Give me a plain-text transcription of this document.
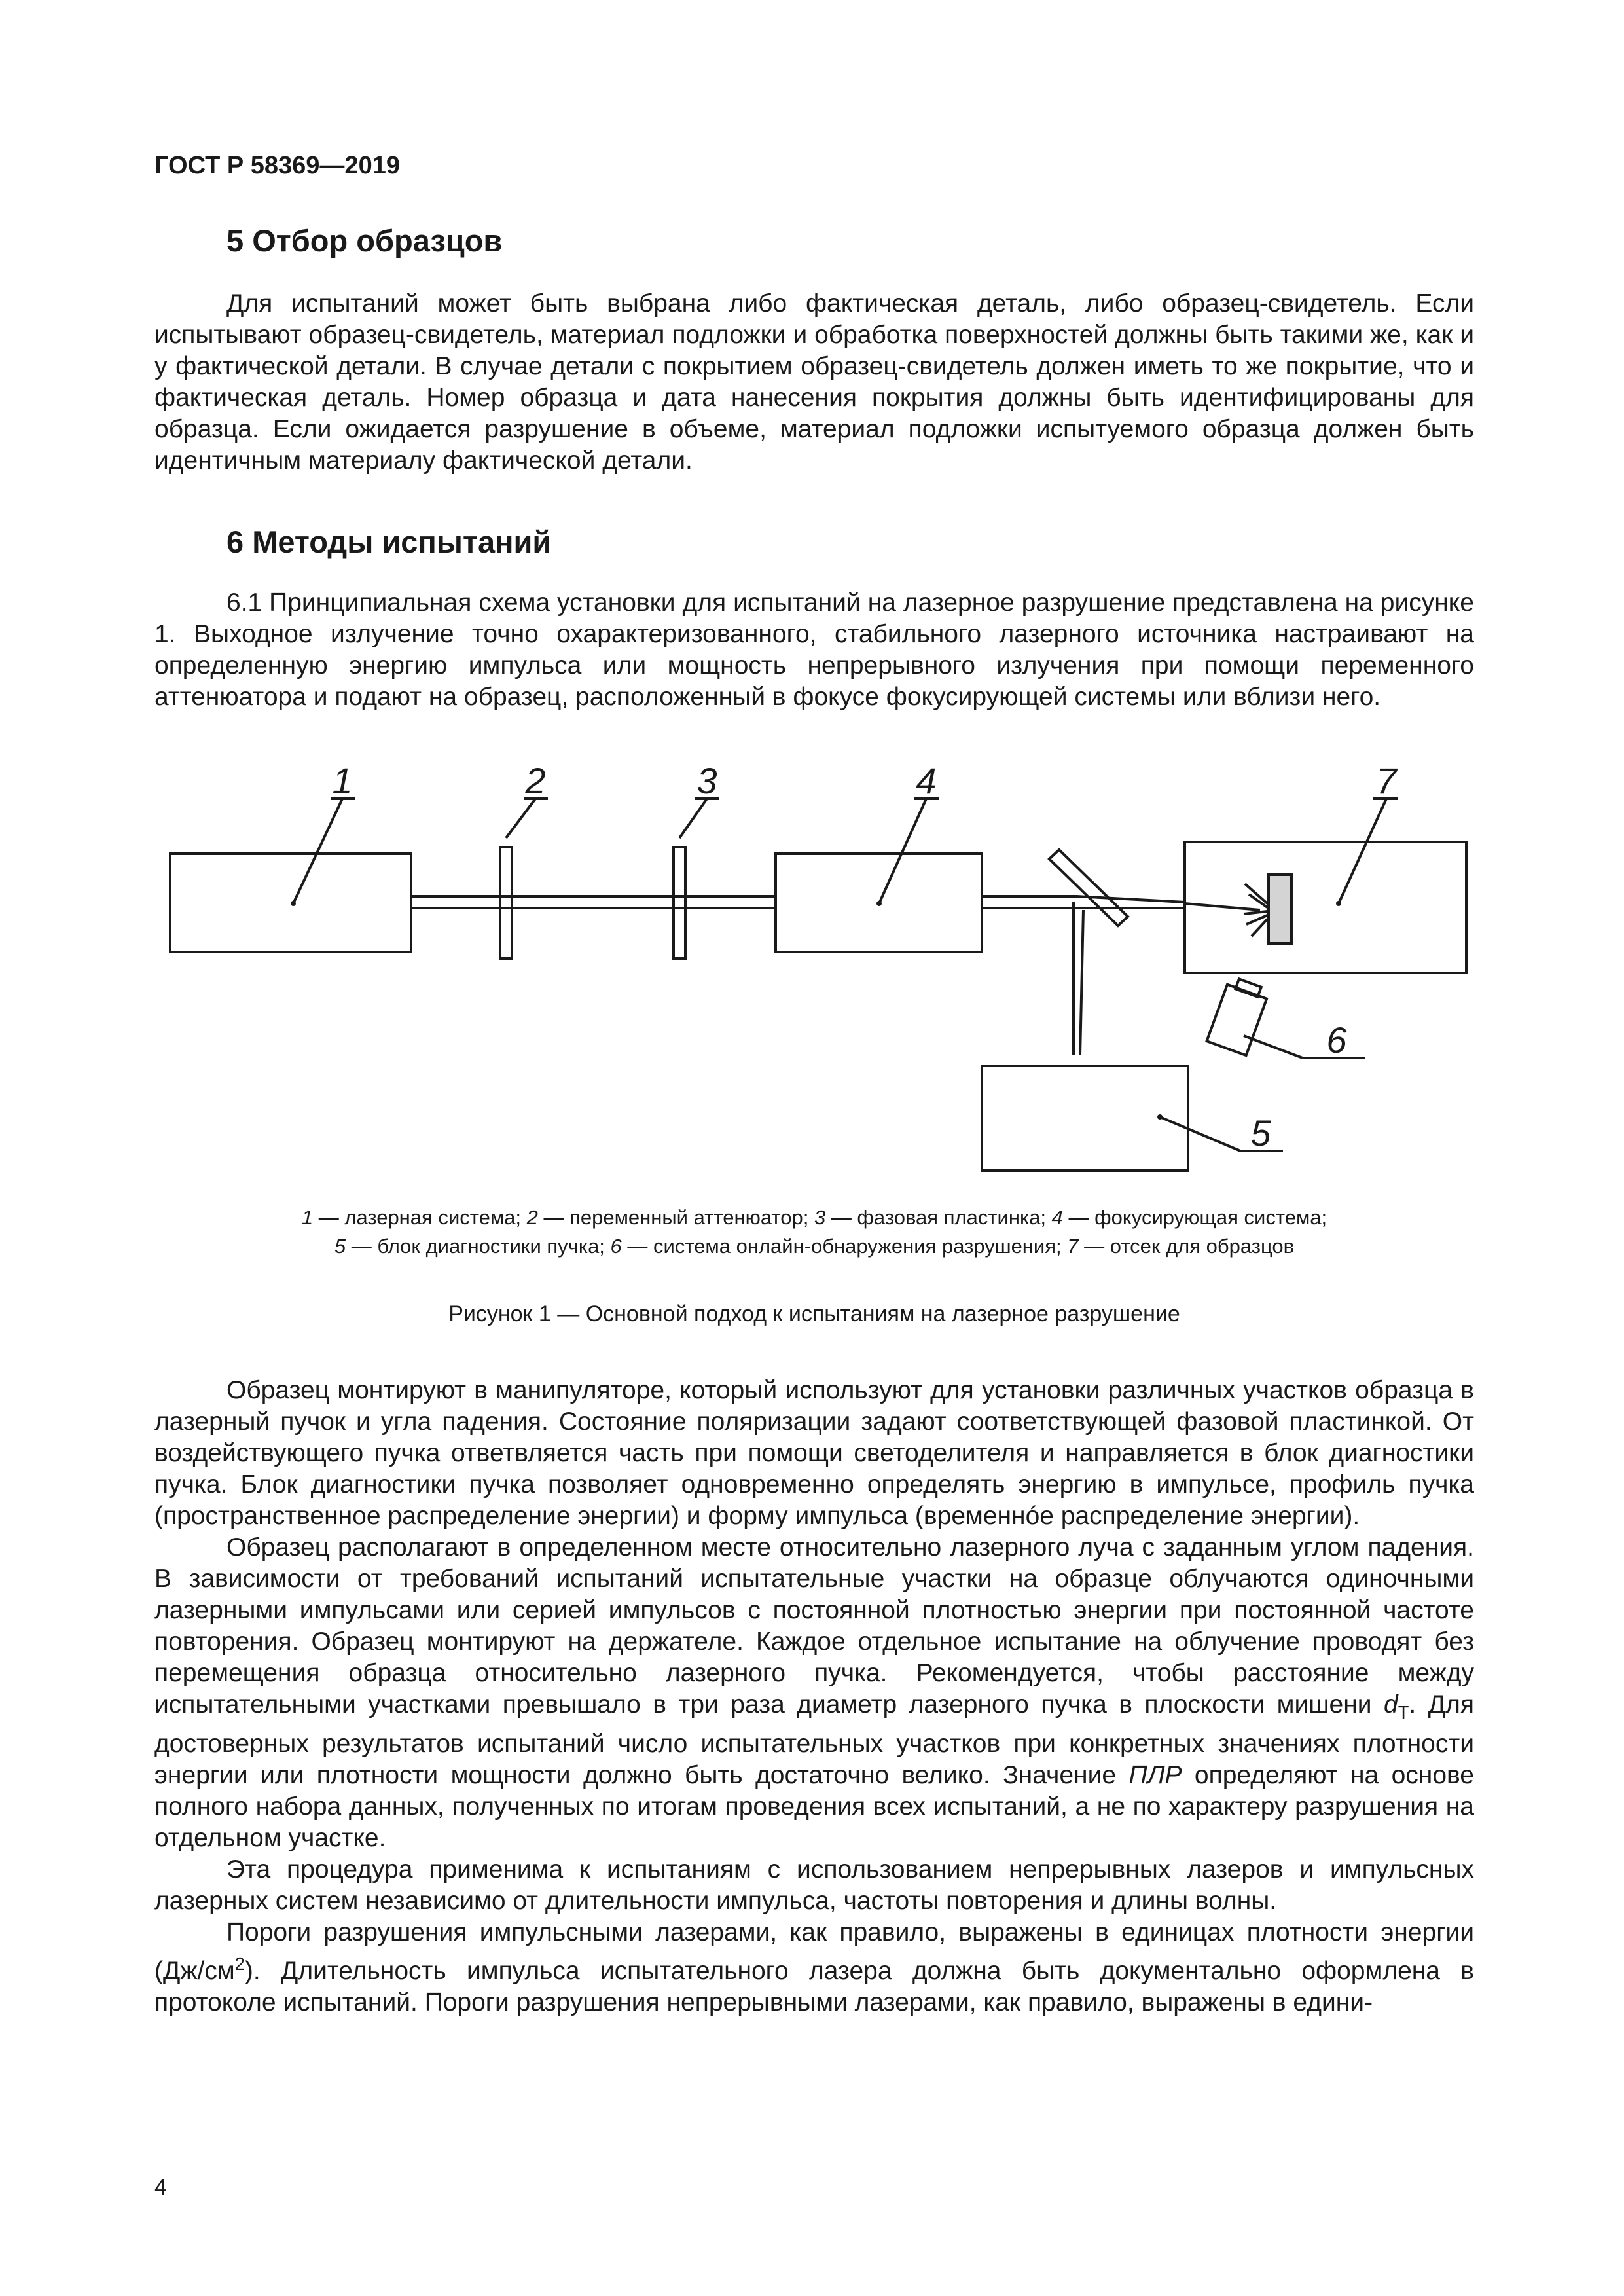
ГОСТ Р 58369—2019
5 Отбор образцов

Для испытаний может быть выбрана либо фактическая деталь, либо образец-свидетель. Если испытывают образец-свидетель, материал подложки и обработка поверхностей должны быть такими же, как и у фактической детали. В случае детали с покрытием образец-свидетель должен иметь то же покрытие, что и фактическая деталь. Номер образца и дата нанесения покрытия должны быть идентифицированы для образца. Если ожидается разрушение в объеме, материал подложки испытуемого образца должен быть идентичным материалу фактической детали.

6 Методы испытаний

6.1 Принципиальная схема установки для испытаний на лазерное разрушение представлена на рисунке 1. Выходное излучение точно охарактеризованного, стабильного лазерного источника настраивают на определенную энергию импульса или мощность непрерывного излучения при помощи переменного аттенюатора и подают на образец, расположенный в фокусе фокусирующей системы или вблизи него.

1	2	3	4
5
6
7
1 — лазерная система; 2 — переменный аттенюатор; 3 — фазовая пластинка; 4 — фокусирующая система;
5 — блок диагностики пучка; 6 — система онлайн-обнаружения разрушения; 7 — отсек для образцов
Рисунок 1 — Основной подход к испытаниям на лазерное разрушение

Образец монтируют в манипуляторе, который используют для установки различных участков образца в лазерный пучок и угла падения. Состояние поляризации задают соответствующей фазовой пластинкой. От воздействующего пучка ответвляется часть при помощи светоделителя и направляется в блок диагностики пучка. Блок диагностики пучка позволяет одновременно определять энергию в импульсе, профиль пучка (пространственное распределение энергии) и форму импульса (временнóе распределение энергии).

Образец располагают в определенном месте относительно лазерного луча с заданным углом падения. В зависимости от требований испытаний испытательные участки на образце облучаются одиночными лазерными импульсами или серией импульсов с постоянной плотностью энергии при постоянной частоте повторения. Образец монтируют на держателе. Каждое отдельное испытание на облучение проводят без перемещения образца относительно лазерного пучка. Рекомендуется, чтобы расстояние между испытательными участками превышало в три раза диаметр лазерного пучка в плоскости мишени $d_T$. Для достоверных результатов испытаний число испытательных участков при конкретных значениях плотности энергии или плотности мощности должно быть достаточно велико. Значение ПЛР определяют на основе полного набора данных, полученных по итогам проведения всех испытаний, а не по характеру разрушения на отдельном участке.

Эта процедура применима к испытаниям с использованием непрерывных лазеров и импульсных лазерных систем независимо от длительности импульса, частоты повторения и длины волны.

Пороги разрушения импульсными лазерами, как правило, выражены в единицах плотности энергии $(Дж/см^2)$. Длительность импульса испытательного лазера должна быть документально оформлена в протоколе испытаний. Пороги разрушения непрерывными лазерами, как правило, выражены в едини-

4
